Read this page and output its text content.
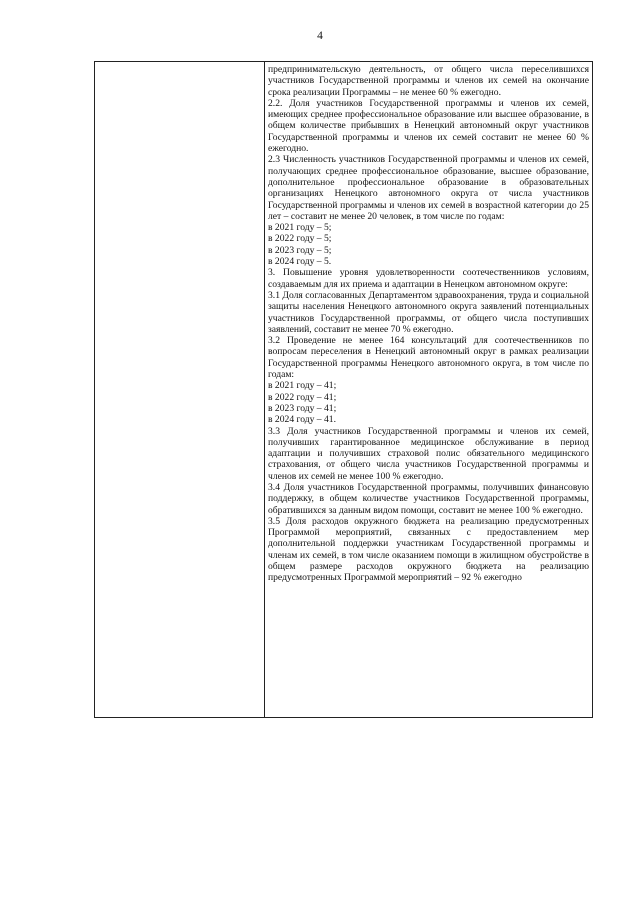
4

предпринимательскую деятельность, от общего числа переселившихся участников Государственной программы и членов их семей на окончание срока реализации Программы – не менее 60 % ежегодно.

2.2. Доля участников Государственной программы и членов их семей, имеющих среднее профессиональное образование или высшее образование, в общем количестве прибывших в Ненецкий автономный округ участников Государственной программы и членов их семей составит не менее 60 % ежегодно.

2.3 Численность участников Государственной программы и членов их семей, получающих среднее профессиональное образование, высшее образование, дополнительное профессиональное образование в образовательных организациях Ненецкого автономного округа от числа участников Государственной программы и членов их семей в возрастной категории до 25 лет – составит не менее 20 человек, в том числе по годам:

в 2021 году – 5;

в 2022 году – 5;

в 2023 году – 5;

в 2024 году – 5.

3. Повышение уровня удовлетворенности соотечественников условиям, создаваемым для их приема и адаптации в Ненецком автономном округе:

3.1 Доля согласованных Департаментом здравоохранения, труда и социальной защиты населения Ненецкого автономного округа заявлений потенциальных участников Государственной программы, от общего числа поступивших заявлений, составит не менее 70 % ежегодно.

3.2 Проведение не менее 164 консультаций для соотечественников по вопросам переселения в Ненецкий автономный округ в рамках реализации Государственной программы Ненецкого автономного округа, в том числе по годам:

в 2021 году – 41;

в 2022 году – 41;

в 2023 году – 41;

в 2024 году – 41.

3.3 Доля участников Государственной программы и членов их семей, получивших гарантированное медицинское обслуживание в период адаптации и получивших страховой полис обязательного медицинского страхования, от общего числа участников Государственной программы и членов их семей не менее 100 % ежегодно.

3.4 Доля участников Государственной программы, получивших финансовую поддержку, в общем количестве участников Государственной программы, обратившихся за данным видом помощи, составит не менее 100 % ежегодно.

3.5 Доля расходов окружного бюджета на реализацию предусмотренных Программой мероприятий, связанных с предоставлением мер дополнительной поддержки участникам Государственной программы и членам их семей, в том числе оказанием помощи в жилищном обустройстве в общем размере расходов окружного бюджета на реализацию предусмотренных Программой мероприятий – 92 % ежегодно
